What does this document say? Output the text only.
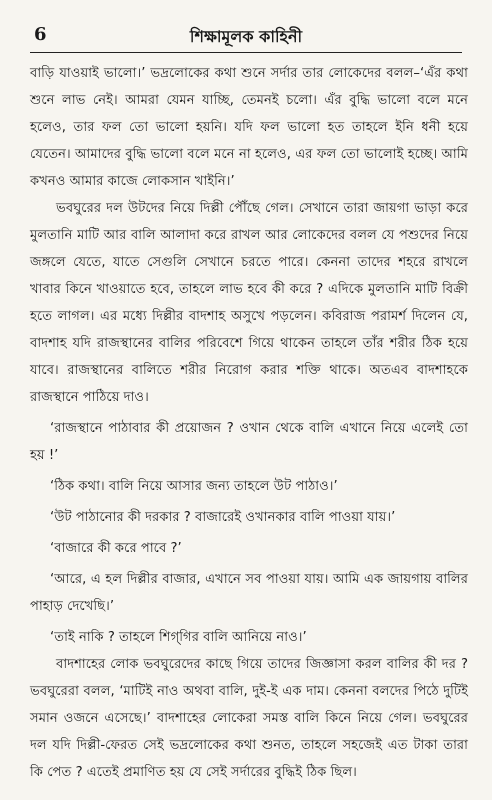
6	শিক্ষামূলক কাহিনী

বাড়ি যাওয়াই ভালো।’ ভদ্রলোকের কথা শুনে সর্দার তার লোকেদের বলল–‘এঁর কথা শুনে লাভ নেই। আমরা যেমন যাচ্ছি, তেমনই চলো। এঁর বুদ্ধি ভালো বলে মনে হলেও, তার ফল তো ভালো হয়নি। যদি ফল ভালো হত তাহলে ইনি ধনী হয়ে যেতেন। আমাদের বুদ্ধি ভালো বলে মনে না হলেও, এর ফল তো ভালোই হচ্ছে। আমি কখনও আমার কাজে লোকসান খাইনি।’

ভবঘুরের দল উটদের নিয়ে দিল্লী পৌঁছে গেল। সেখানে তারা জায়গা ভাড়া করে মুলতানি মাটি আর বালি আলাদা করে রাখল আর লোকেদের বলল যে পশুদের নিয়ে জঙ্গলে যেতে, যাতে সেগুলি সেখানে চরতে পারে। কেননা তাদের শহরে রাখলে খাবার কিনে খাওয়াতে হবে, তাহলে লাভ হবে কী করে ? এদিকে মুলতানি মাটি বিক্রী হতে লাগল। এর মধ্যে দিল্লীর বাদশাহ অসুখে পড়লেন। কবিরাজ পরামর্শ দিলেন যে, বাদশাহ যদি রাজস্থানের বালির পরিবেশে গিয়ে থাকেন তাহলে তাঁর শরীর ঠিক হয়ে যাবে। রাজস্থানের বালিতে শরীর নিরোগ করার শক্তি থাকে। অতএব বাদশাহকে রাজস্থানে পাঠিয়ে দাও।

‘রাজস্থানে পাঠাবার কী প্রয়োজন ? ওখান থেকে বালি এখানে নিয়ে এলেই তো হয় !’

‘ঠিক কথা। বালি নিয়ে আসার জন্য তাহলে উট পাঠাও।’

‘উট পাঠানোর কী দরকার ? বাজারেই ওখানকার বালি পাওয়া যায়।’

‘বাজারে কী করে পাবে ?’

‘আরে, এ হল দিল্লীর বাজার, এখানে সব পাওয়া যায়। আমি এক জায়গায় বালির পাহাড় দেখেছি।’

‘তাই নাকি ? তাহলে শিগ্‌গির বালি আনিয়ে নাও।’

বাদশাহের লোক ভবঘুরেদের কাছে গিয়ে তাদের জিজ্ঞাসা করল বালির কী দর ? ভবঘুরেরা বলল, ‘মাটিই নাও অথবা বালি, দুই-ই এক দাম। কেননা বলদের পিঠে দুটিই সমান ওজনে এসেছে।’ বাদশাহের লোকেরা সমস্ত বালি কিনে নিয়ে গেল। ভবঘুরের দল যদি দিল্লী-ফেরত সেই ভদ্রলোকের কথা শুনত, তাহলে সহজেই এত টাকা তারা কি পেত ? এতেই প্রমাণিত হয় যে সেই সর্দারের বুদ্ধিই ঠিক ছিল।
